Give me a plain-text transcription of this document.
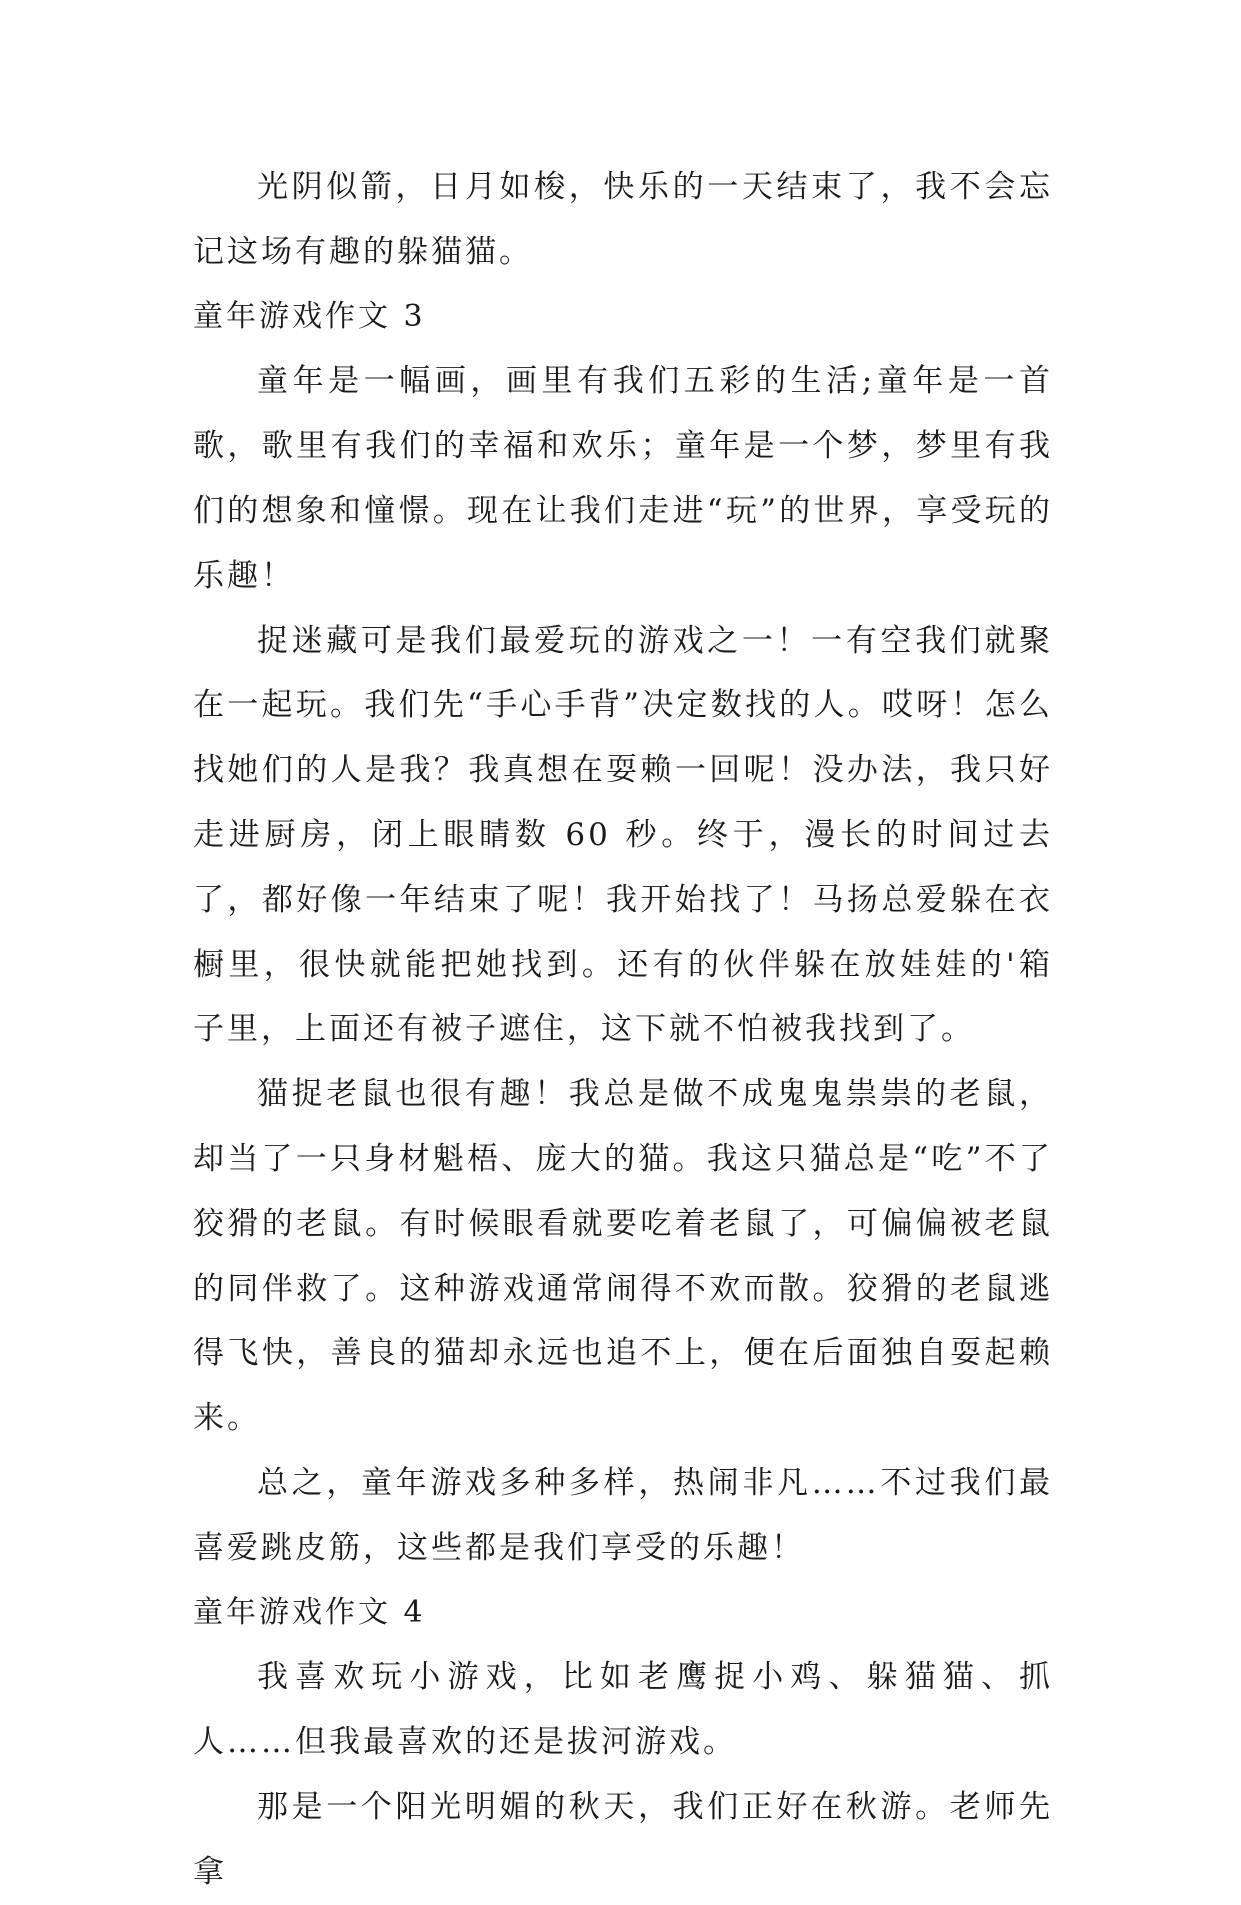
光阴似箭，日月如梭，快乐的一天结束了，我不会忘记这场有趣的躲猫猫。

童年游戏作文 3

童年是一幅画，画里有我们五彩的生活;童年是一首歌，歌里有我们的幸福和欢乐；童年是一个梦，梦里有我们的想象和憧憬。现在让我们走进“玩”的世界，享受玩的乐趣！

捉迷藏可是我们最爱玩的游戏之一！一有空我们就聚在一起玩。我们先“手心手背”决定数找的人。哎呀！怎么找她们的人是我？我真想在耍赖一回呢！没办法，我只好走进厨房，闭上眼睛数 60 秒。终于，漫长的时间过去了，都好像一年结束了呢！我开始找了！马扬总爱躲在衣橱里，很快就能把她找到。还有的伙伴躲在放娃娃的'箱子里，上面还有被子遮住，这下就不怕被我找到了。

猫捉老鼠也很有趣！我总是做不成鬼鬼祟祟的老鼠，却当了一只身材魁梧、庞大的猫。我这只猫总是“吃”不了狡猾的老鼠。有时候眼看就要吃着老鼠了，可偏偏被老鼠的同伴救了。这种游戏通常闹得不欢而散。狡猾的老鼠逃得飞快，善良的猫却永远也追不上，便在后面独自耍起赖来。

总之，童年游戏多种多样，热闹非凡……不过我们最喜爱跳皮筋，这些都是我们享受的乐趣！

童年游戏作文 4

我喜欢玩小游戏，比如老鹰捉小鸡、躲猫猫、抓人……但我最喜欢的还是拔河游戏。

那是一个阳光明媚的秋天，我们正好在秋游。老师先拿
